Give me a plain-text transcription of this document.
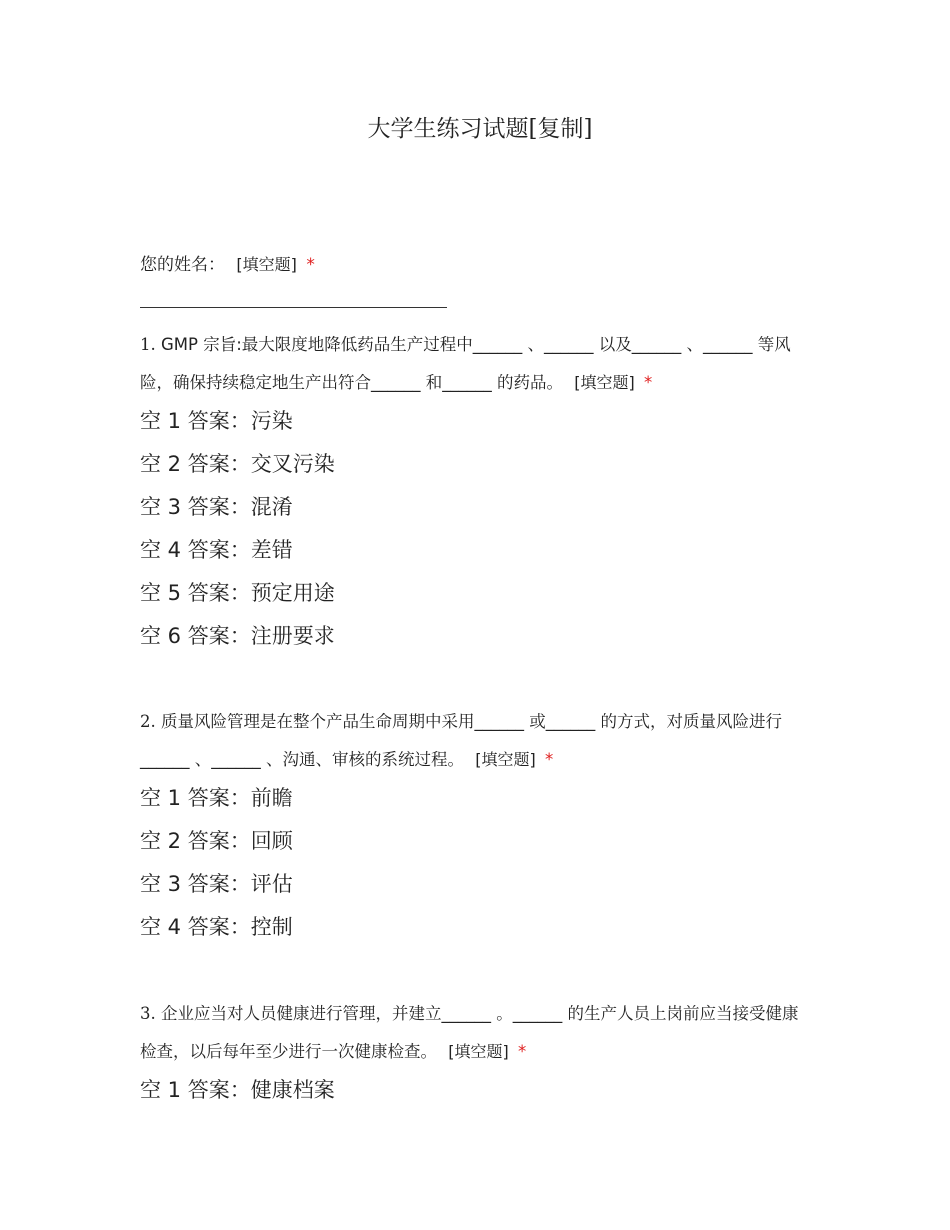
大学生练习试题[复制]
您的姓名： [填空题] *
1. GMP 宗旨:最大限度地降低药品生产过程中______ 、______ 以及______ 、______ 等风险，确保持续稳定地生产出符合______ 和______ 的药品。 [填空题] *
空 1 答案：污染
空 2 答案：交叉污染
空 3 答案：混淆
空 4 答案：差错
空 5 答案：预定用途
空 6 答案：注册要求
2. 质量风险管理是在整个产品生命周期中采用______ 或______ 的方式，对质量风险进行______ 、______ 、沟通、审核的系统过程。 [填空题] *
空 1 答案：前瞻
空 2 答案：回顾
空 3 答案：评估
空 4 答案：控制
3. 企业应当对人员健康进行管理，并建立______ 。______ 的生产人员上岗前应当接受健康检查，以后每年至少进行一次健康检查。 [填空题] *
空 1 答案：健康档案
